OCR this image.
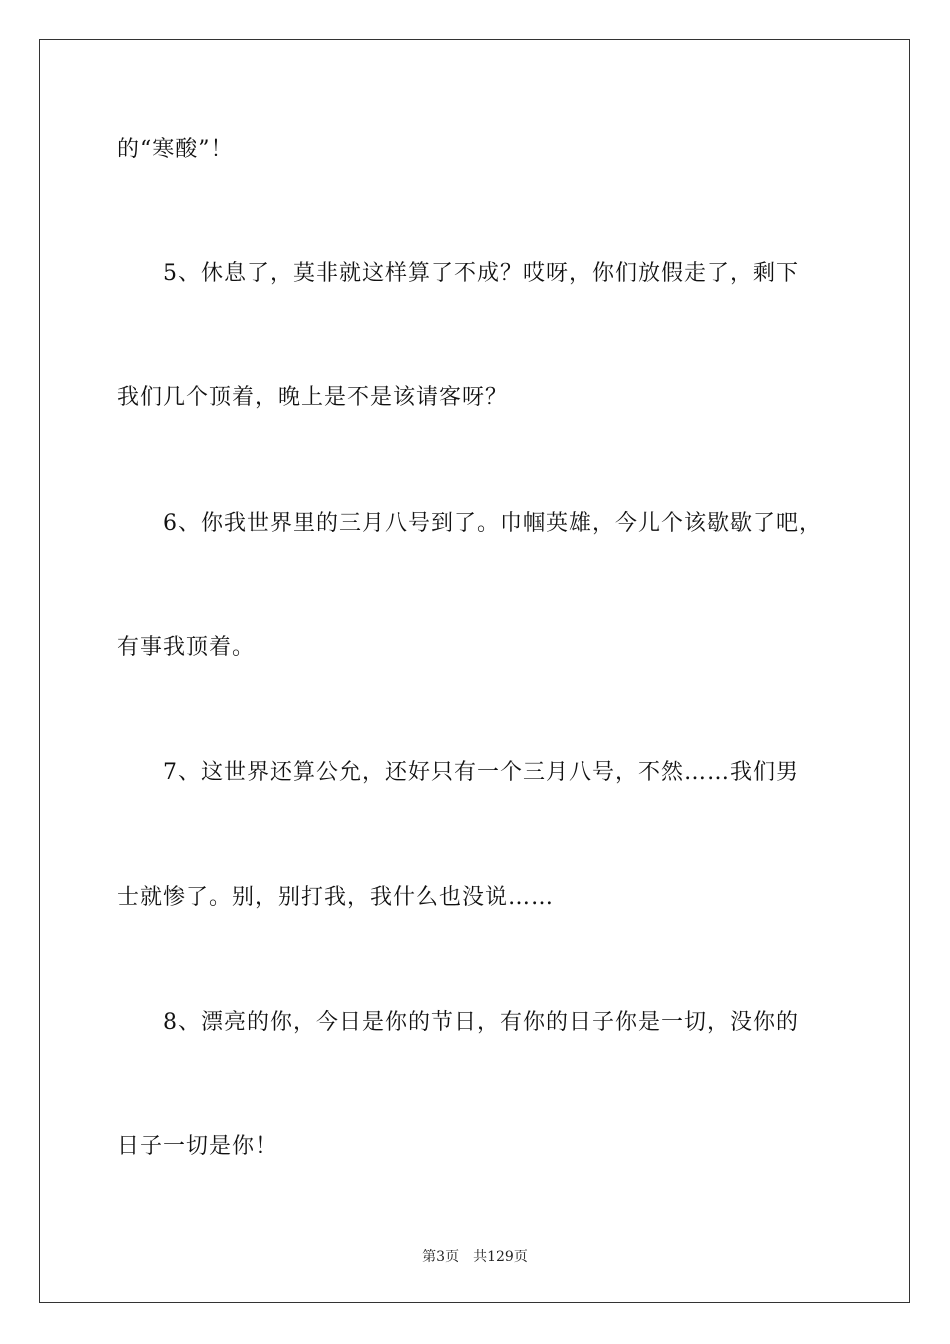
的“寒酸”！
5、休息了，莫非就这样算了不成？哎呀，你们放假走了，剩下
我们几个顶着，晚上是不是该请客呀？
6、你我世界里的三月八号到了。巾帼英雄，今儿个该歇歇了吧，
有事我顶着。
7、这世界还算公允，还好只有一个三月八号，不然……我们男
士就惨了。别，别打我，我什么也没说……
8、漂亮的你，今日是你的节日，有你的日子你是一切，没你的
日子一切是你！
第3页 共129页
